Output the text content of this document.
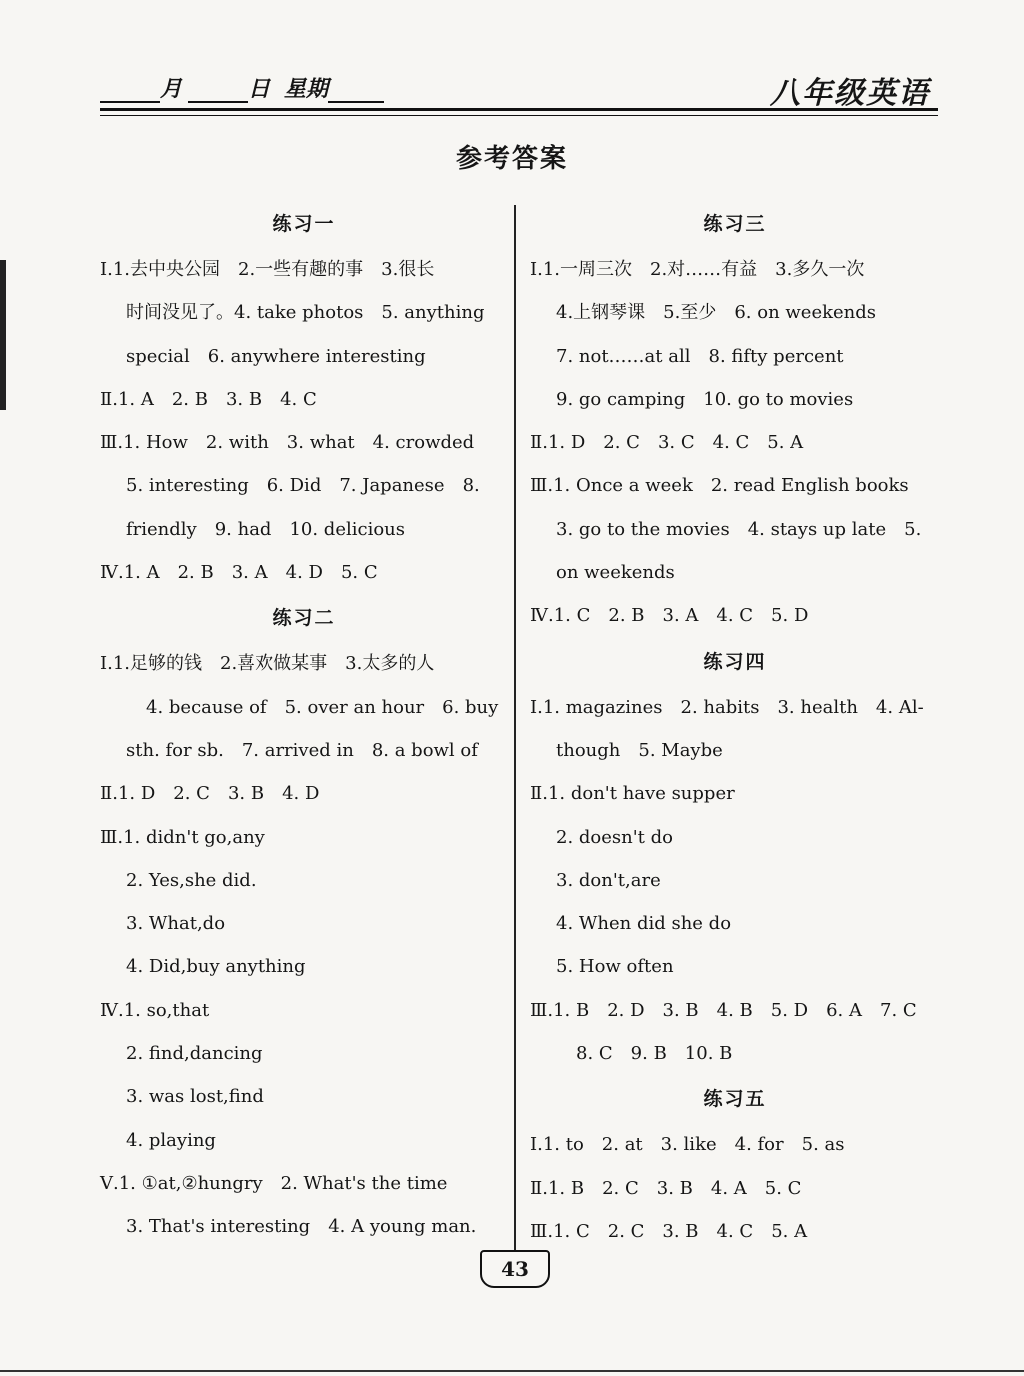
月	日 星期	八年级英语
参考答案
练习一
Ⅰ.1.去中央公园　2.一些有趣的事　3.很长
时间没见了。4. take photos　5. anything
special　6. anywhere interesting
Ⅱ.1. A　2. B　3. B　4. C
Ⅲ.1. How　2. with　3. what　4. crowded
5. interesting　6. Did　7. Japanese　8.
friendly　9. had　10. delicious
Ⅳ.1. A　2. B　3. A　4. D　5. C
练习二
Ⅰ.1.足够的钱　2.喜欢做某事　3.太多的人
4. because of　5. over an hour　6. buy
sth. for sb.　7. arrived in　8. a bowl of
Ⅱ.1. D　2. C　3. B　4. D
Ⅲ.1. didn't go,any
2. Yes,she did.
3. What,do
4. Did,buy anything
Ⅳ.1. so,that
2. find,dancing
3. was lost,find
4. playing
Ⅴ.1. ①at,②hungry　2. What's the time
3. That's interesting　4. A young man.
练习三
Ⅰ.1.一周三次　2.对……有益　3.多久一次
4.上钢琴课　5.至少　6. on weekends
7. not……at all　8. fifty percent
9. go camping　10. go to movies
Ⅱ.1. D　2. C　3. C　4. C　5. A
Ⅲ.1. Once a week　2. read English books
3. go to the movies　4. stays up late　5.
on weekends
Ⅳ.1. C　2. B　3. A　4. C　5. D
练习四
Ⅰ.1. magazines　2. habits　3. health　4. Al-
though　5. Maybe
Ⅱ.1. don't have supper
2. doesn't do
3. don't,are
4. When did she do
5. How often
Ⅲ.1. B　2. D　3. B　4. B　5. D　6. A　7. C
8. C　9. B　10. B
练习五
Ⅰ.1. to　2. at　3. like　4. for　5. as
Ⅱ.1. B　2. C　3. B　4. A　5. C
Ⅲ.1. C　2. C　3. B　4. C　5. A
43
